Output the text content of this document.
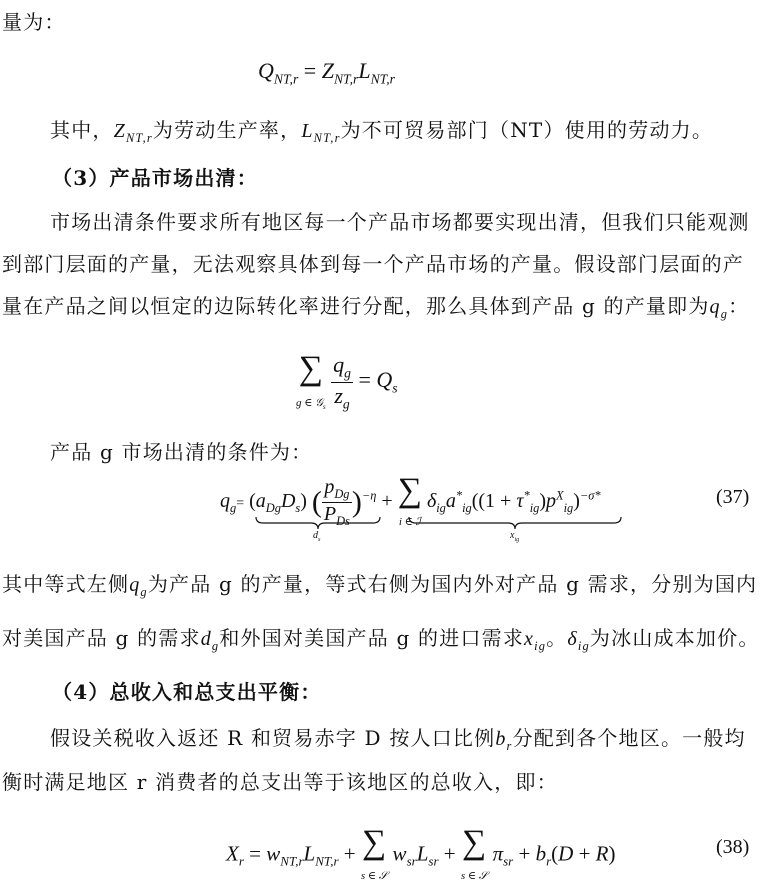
量为：
$Q_{NT,r} = Z_{NT,r}L_{NT,r}$
其中，$Z_{NT,r}$为劳动生产率，$L_{NT,r}$为不可贸易部门（NT）使用的劳动力。
（3）产品市场出清：
市场出清条件要求所有地区每一个产品市场都要实现出清，但我们只能观测
到部门层面的产量，无法观察具体到每一个产品市场的产量。假设部门层面的产
量在产品之间以恒定的边际转化率进行分配，那么具体到产品 g 的产量即为$q_g$：
∑
g ∈ 𝒢$_s$ $\frac{q_g}{z_g} = Q_s$
产品 g 市场出清的条件为：
$q_g= (a_{Dg}D_s)$ ( $\frac{p_{Dg}}{P_{Ds}} )^{-\eta}$ + ∑
i ∈ ℐ $\delta_{ig}a^*_{ig}((1 + \tau^*_{ig})p^X_{ig})^{-\sigma*}$
$d_s$	$x_{ig}$
(37)
其中等式左侧$q_g$为产品 g 的产量，等式右侧为国内外对产品 g 需求，分别为国内
对美国产品 g 的需求$d_g$和外国对美国产品 g 的进口需求$x_{ig}$。$\delta_{ig}$为冰山成本加价。
（4）总收入和总支出平衡：
假设关税收入返还 R 和贸易赤字 D 按人口比例$b_r$分配到各个地区。一般均
衡时满足地区 r 消费者的总支出等于该地区的总收入，即：
$X_r = w_{NT,r}L_{NT,r}$ + ∑
s ∈ 𝒮 $w_{sr}L_{sr}$ + ∑
s ∈ 𝒮 $\pi_{sr} + b_r(D + R)$	(38)
